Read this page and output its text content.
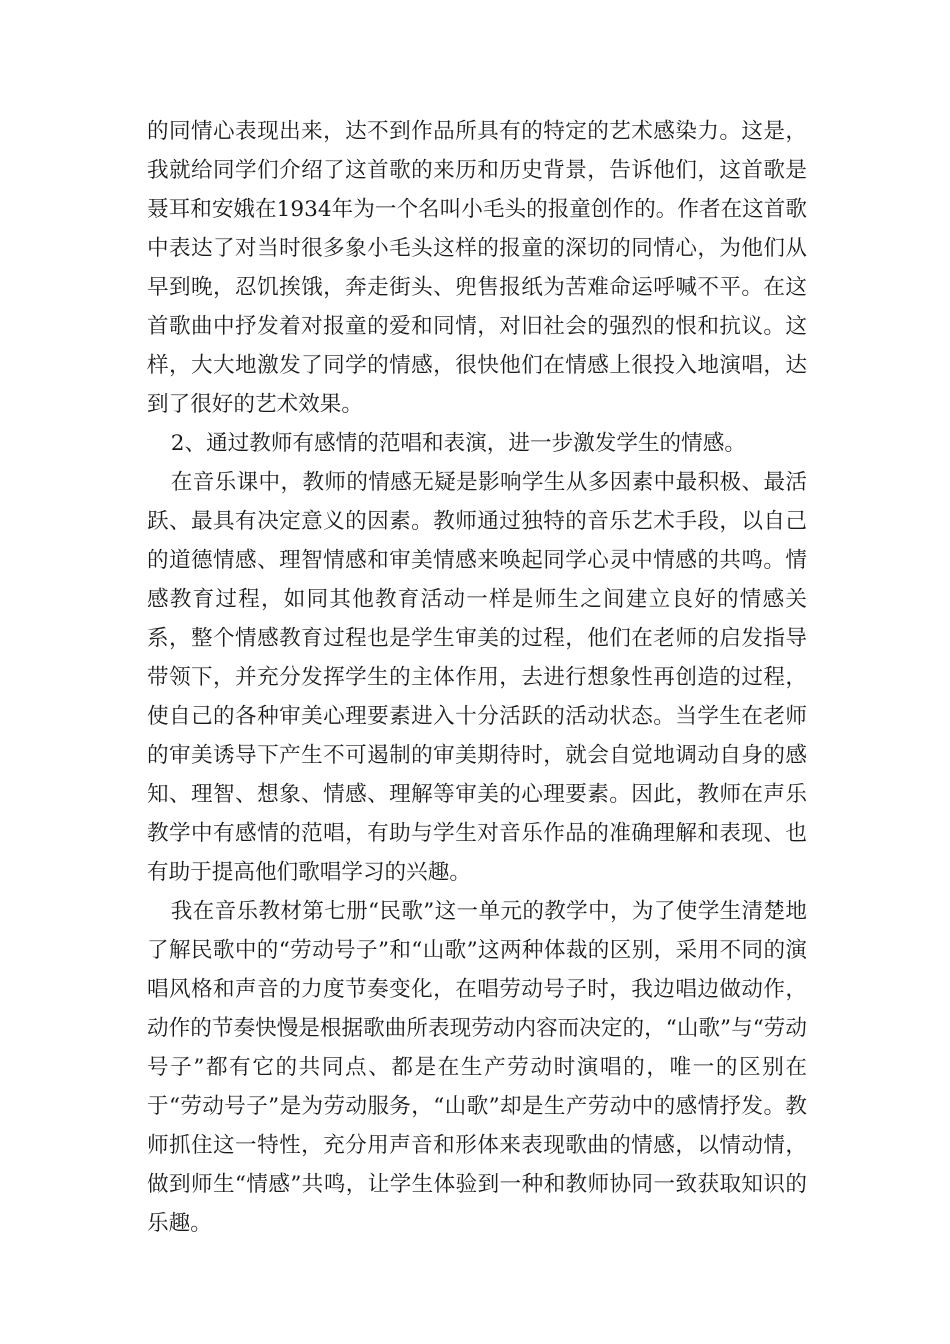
的同情心表现出来，达不到作品所具有的特定的艺术感染力。这是，我就给同学们介绍了这首歌的来历和历史背景，告诉他们，这首歌是聂耳和安娥在1934年为一个名叫小毛头的报童创作的。作者在这首歌中表达了对当时很多象小毛头这样的报童的深切的同情心，为他们从早到晚，忍饥挨饿，奔走街头、兜售报纸为苦难命运呼喊不平。在这首歌曲中抒发着对报童的爱和同情，对旧社会的强烈的恨和抗议。这样，大大地激发了同学的情感，很快他们在情感上很投入地演唱，达到了很好的艺术效果。

2、通过教师有感情的范唱和表演，进一步激发学生的情感。

在音乐课中，教师的情感无疑是影响学生从多因素中最积极、最活跃、最具有决定意义的因素。教师通过独特的音乐艺术手段，以自己的道德情感、理智情感和审美情感来唤起同学心灵中情感的共鸣。情感教育过程，如同其他教育活动一样是师生之间建立良好的情感关系，整个情感教育过程也是学生审美的过程，他们在老师的启发指导带领下，并充分发挥学生的主体作用，去进行想象性再创造的过程，使自己的各种审美心理要素进入十分活跃的活动状态。当学生在老师的审美诱导下产生不可遏制的审美期待时，就会自觉地调动自身的感知、理智、想象、情感、理解等审美的心理要素。因此，教师在声乐教学中有感情的范唱，有助与学生对音乐作品的准确理解和表现、也有助于提高他们歌唱学习的兴趣。

我在音乐教材第七册“民歌”这一单元的教学中，为了使学生清楚地了解民歌中的“劳动号子”和“山歌”这两种体裁的区别，采用不同的演唱风格和声音的力度节奏变化，在唱劳动号子时，我边唱边做动作，动作的节奏快慢是根据歌曲所表现劳动内容而决定的，“山歌”与“劳动号子”都有它的共同点、都是在生产劳动时演唱的，唯一的区别在于“劳动号子”是为劳动服务，“山歌”却是生产劳动中的感情抒发。教师抓住这一特性，充分用声音和形体来表现歌曲的情感，以情动情，做到师生“情感”共鸣，让学生体验到一种和教师协同一致获取知识的乐趣。
